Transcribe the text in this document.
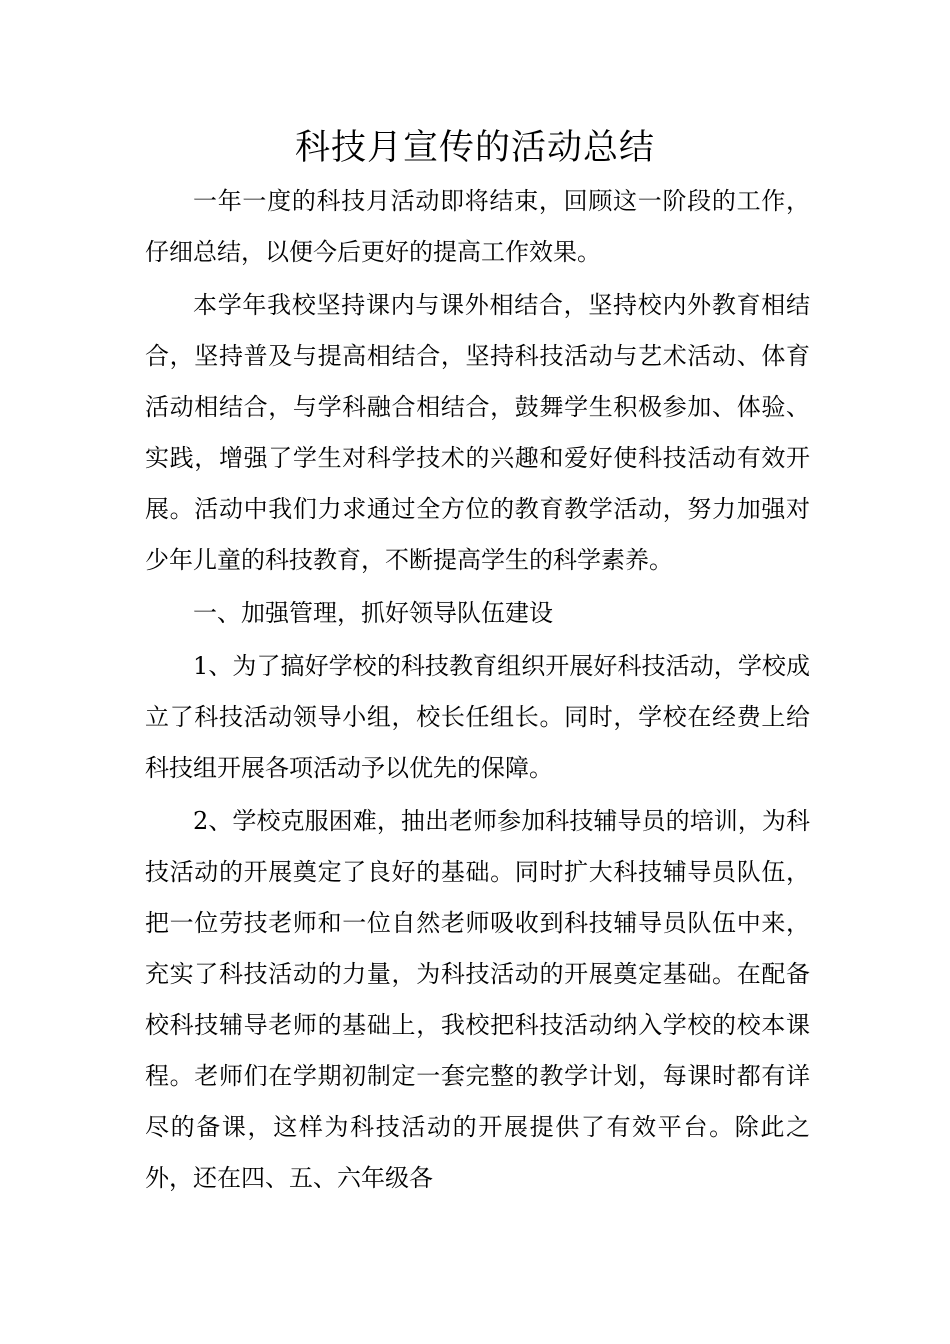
科技月宣传的活动总结

一年一度的科技月活动即将结束，回顾这一阶段的工作，仔细总结，以便今后更好的提高工作效果。

本学年我校坚持课内与课外相结合，坚持校内外教育相结合，坚持普及与提高相结合，坚持科技活动与艺术活动、体育活动相结合，与学科融合相结合，鼓舞学生积极参加、体验、实践，增强了学生对科学技术的兴趣和爱好使科技活动有效开展。活动中我们力求通过全方位的教育教学活动，努力加强对少年儿童的科技教育，不断提高学生的科学素养。

一、加强管理，抓好领导队伍建设

1、为了搞好学校的科技教育组织开展好科技活动，学校成立了科技活动领导小组，校长任组长。同时，学校在经费上给科技组开展各项活动予以优先的保障。

2、学校克服困难，抽出老师参加科技辅导员的培训，为科技活动的开展奠定了良好的基础。同时扩大科技辅导员队伍，把一位劳技老师和一位自然老师吸收到科技辅导员队伍中来，充实了科技活动的力量，为科技活动的开展奠定基础。在配备校科技辅导老师的基础上，我校把科技活动纳入学校的校本课程。老师们在学期初制定一套完整的教学计划，每课时都有详尽的备课，这样为科技活动的开展提供了有效平台。除此之外，还在四、五、六年级各
